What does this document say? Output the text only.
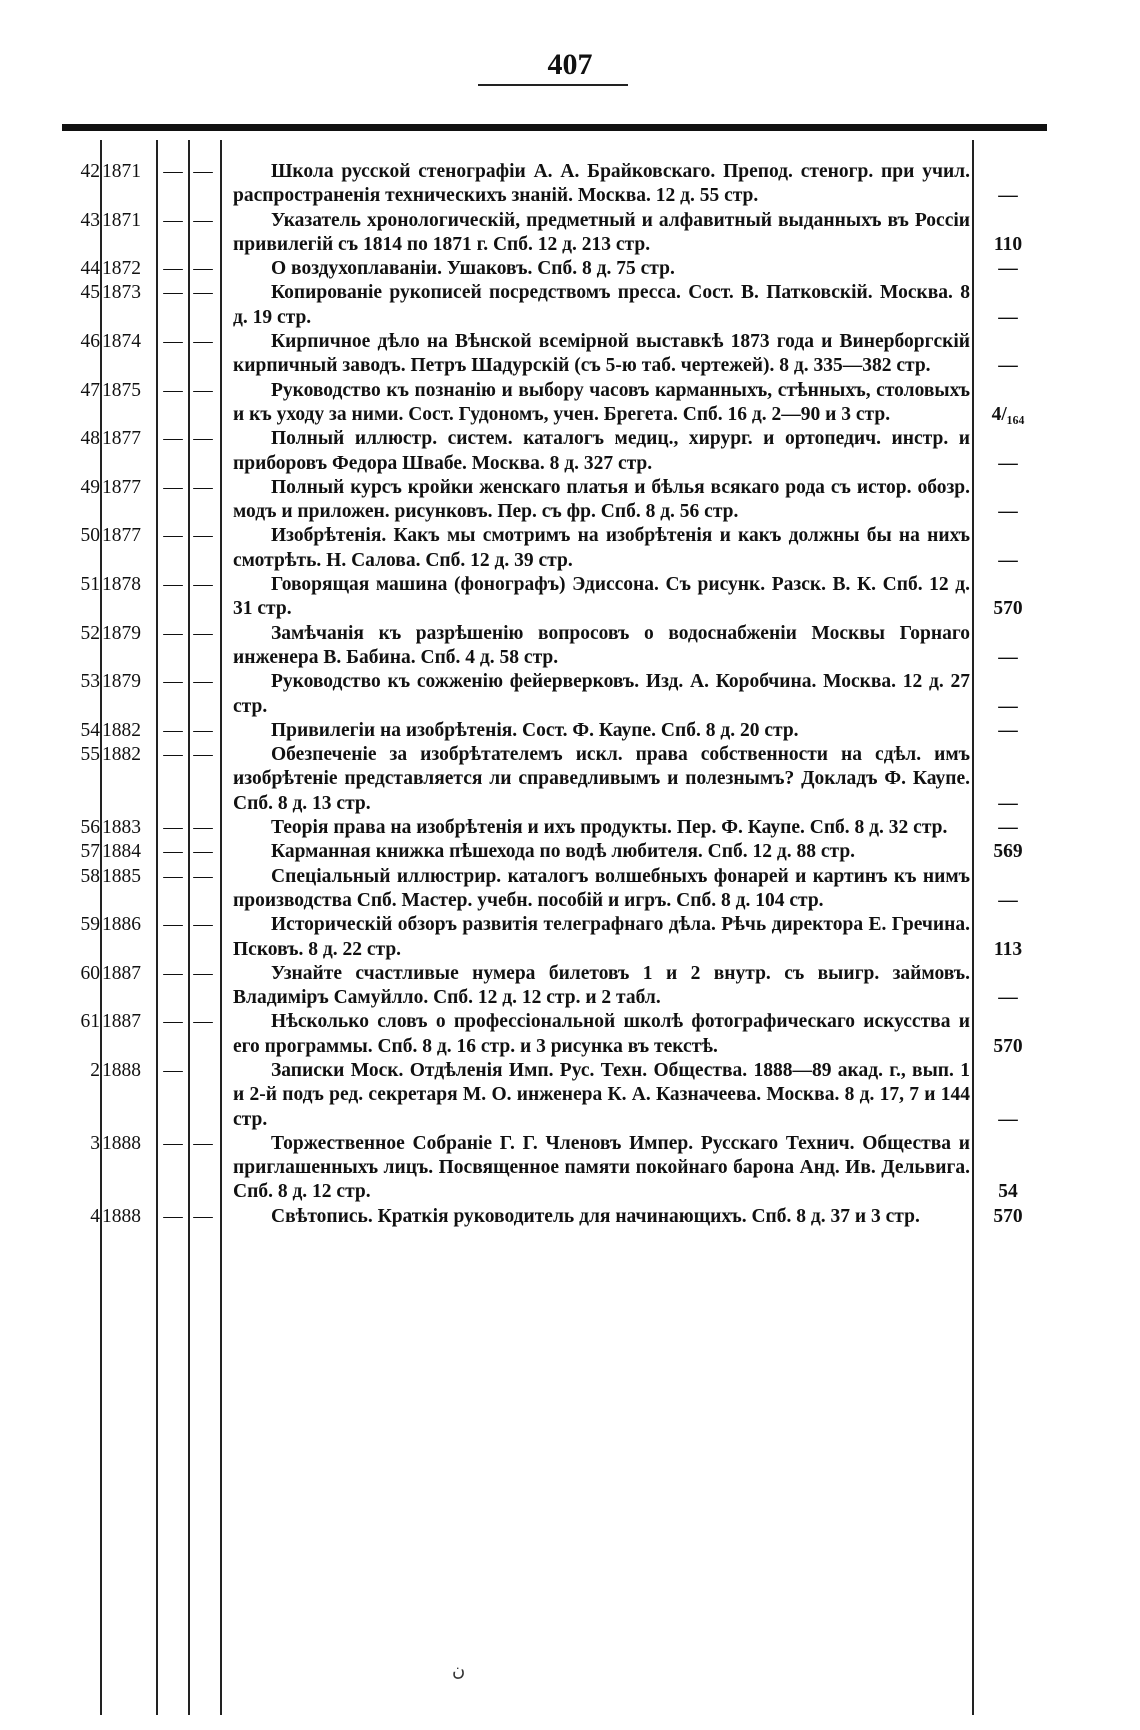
407
42 1871	— —	Школа русской стенографіи А. А. Брайковскаго. Препод. стеногр. при учил. распространенія техническихъ знаній. Москва. 12 д. 55 стр.	—
43 1871	— —	Указатель хронологическій, предметный и алфавитный выданныхъ въ Россіи привилегій съ 1814 по 1871 г. Спб. 12 д. 213 стр.	110
44 1872	— —	О воздухоплаваніи. Ушаковъ. Спб. 8 д. 75 стр.	—
45 1873	— —	Копированіе рукописей посредствомъ пресса. Сост. В. Патковскій. Москва. 8 д. 19 стр.	—
46 1874	— —	Кирпичное дѣло на Вѣнской всемірной выставкѣ 1873 года и Винерборгскій кирпичный заводъ. Петръ Шадурскій (съ 5-ю таб. чертежей). 8 д. 335—382 стр.	—
47 1875	— —	Руководство къ познанію и выбору часовъ карманныхъ, стѣнныхъ, столовыхъ и къ уходу за ними. Сост. Гудономъ, учен. Брегета. Спб. 16 д. 2—90 и 3 стр.	4/₁₆₄
48 1877	— —	Полный иллюстр. систем. каталогъ медиц., хирург. и ортопедич. инстр. и приборовъ Федора Швабе. Москва. 8 д. 327 стр.	—
49 1877	— —	Полный курсъ кройки женскаго платья и бѣлья всякаго рода съ истор. обозр. модъ и приложен. рисунковъ. Пер. съ фр. Спб. 8 д. 56 стр.	—
50 1877	— —	Изобрѣтенія. Какъ мы смотримъ на изобрѣтенія и какъ должны бы на нихъ смотрѣть. Н. Салова. Спб. 12 д. 39 стр.	—
51 1878	— —	Говорящая машина (фонографъ) Эдиссона. Съ рисунк. Разск. В. К. Спб. 12 д. 31 стр.	570
52 1879	— —	Замѣчанія къ разрѣшенію вопросовъ о водоснабженіи Москвы Горнаго инженера В. Бабина. Спб. 4 д. 58 стр.	—
53 1879	— —	Руководство къ сожженію фейерверковъ. Изд. А. Коробчина. Москва. 12 д. 27 стр.	—
54 1882	— —	Привилегіи на изобрѣтенія. Сост. Ф. Каупе. Спб. 8 д. 20 стр.	—
55 1882	— —	Обезпеченіе за изобрѣтателемъ искл. права собственности на сдѣл. имъ изобрѣтеніе представляется ли справедливымъ и полезнымъ? Докладъ Ф. Каупе. Спб. 8 д. 13 стр.	—
56 1883	— —	Теорія права на изобрѣтенія и ихъ продукты. Пер. Ф. Каупе. Спб. 8 д. 32 стр.	—
57 1884	— —	Карманная книжка пѣшехода по водѣ любителя. Спб. 12 д. 88 стр.	569
58 1885	— —	Спеціальный иллюстрир. каталогъ волшебныхъ фонарей и картинъ къ нимъ производства Спб. Мастер. учебн. пособій и игръ. Спб. 8 д. 104 стр.	—
59 1886	— —	Историческій обзоръ развитія телеграфнаго дѣла. Рѣчь директора Е. Гречина. Псковъ. 8 д. 22 стр.	113
60 1887	— —	Узнайте счастливые нумера билетовъ 1 и 2 внутр. съ выигр. займовъ. Владиміръ Самуйлло. Спб. 12 д. 12 стр. и 2 табл.	—
61 1887	— —	Нѣсколько словъ о профессіональной школѣ фотографическаго искусства и его программы. Спб. 8 д. 16 стр. и 3 рисунка въ текстѣ.	570
2 1888	—	Записки Моск. Отдѣленія Имп. Рус. Техн. Общества. 1888—89 акад. г., вып. 1 и 2-й подъ ред. секретаря М. О. инженера К. А. Казначеева. Москва. 8 д. 17, 7 и 144 стр.	—
3 1888	— —	Торжественное Собраніе Г. Г. Членовъ Импер. Русскаго Технич. Общества и приглашенныхъ лицъ. Посвященное памяти покойнаго барона Анд. Ив. Дельвига. Спб. 8 д. 12 стр.	54
4 1888	— —	Свѣтопись. Краткія руководитель для начинающихъ. Спб. 8 д. 37 и 3 стр.	570
ن
